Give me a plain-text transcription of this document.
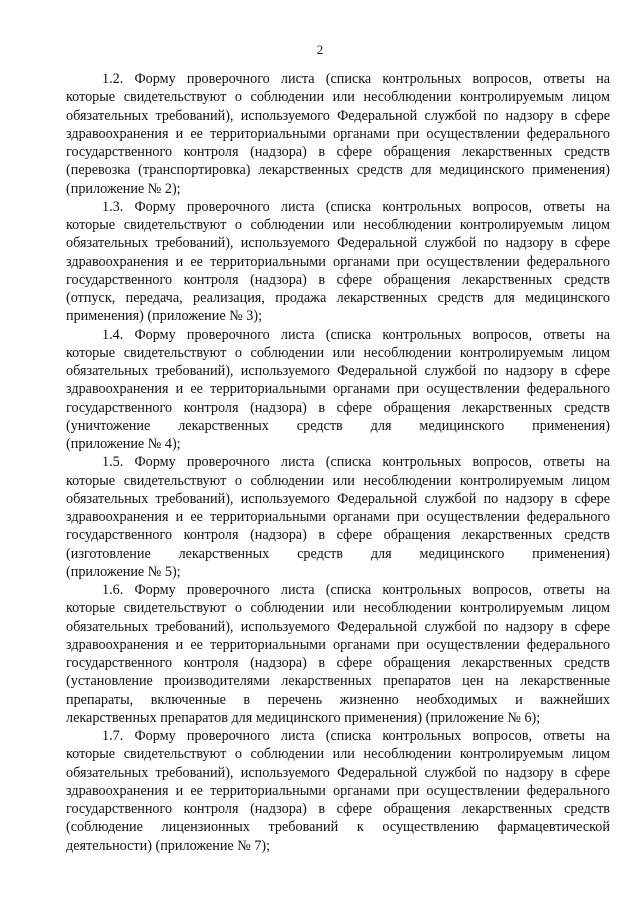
2
1.2. Форму проверочного листа (списка контрольных вопросов, ответы на
которые свидетельствуют о соблюдении или несоблюдении контролируемым лицом
обязательных требований), используемого Федеральной службой по надзору в сфере
здравоохранения и ее территориальными органами при осуществлении федерального
государственного контроля (надзора) в сфере обращения лекарственных средств
(перевозка (транспортировка) лекарственных средств для медицинского применения)
(приложение № 2);
1.3. Форму проверочного листа (списка контрольных вопросов, ответы на
которые свидетельствуют о соблюдении или несоблюдении контролируемым лицом
обязательных требований), используемого Федеральной службой по надзору в сфере
здравоохранения и ее территориальными органами при осуществлении федерального
государственного контроля (надзора) в сфере обращения лекарственных средств
(отпуск, передача, реализация, продажа лекарственных средств для медицинского
применения) (приложение № 3);
1.4. Форму проверочного листа (списка контрольных вопросов, ответы на
которые свидетельствуют о соблюдении или несоблюдении контролируемым лицом
обязательных требований), используемого Федеральной службой по надзору в сфере
здравоохранения и ее территориальными органами при осуществлении федерального
государственного контроля (надзора) в сфере обращения лекарственных средств
(уничтожение лекарственных средств для медицинского применения)
(приложение № 4);
1.5. Форму проверочного листа (списка контрольных вопросов, ответы на
которые свидетельствуют о соблюдении или несоблюдении контролируемым лицом
обязательных требований), используемого Федеральной службой по надзору в сфере
здравоохранения и ее территориальными органами при осуществлении федерального
государственного контроля (надзора) в сфере обращения лекарственных средств
(изготовление лекарственных средств для медицинского применения)
(приложение № 5);
1.6. Форму проверочного листа (списка контрольных вопросов, ответы на
которые свидетельствуют о соблюдении или несоблюдении контролируемым лицом
обязательных требований), используемого Федеральной службой по надзору в сфере
здравоохранения и ее территориальными органами при осуществлении федерального
государственного контроля (надзора) в сфере обращения лекарственных средств
(установление производителями лекарственных препаратов цен на лекарственные
препараты, включенные в перечень жизненно необходимых и важнейших
лекарственных препаратов для медицинского применения) (приложение № 6);
1.7. Форму проверочного листа (списка контрольных вопросов, ответы на
которые свидетельствуют о соблюдении или несоблюдении контролируемым лицом
обязательных требований), используемого Федеральной службой по надзору в сфере
здравоохранения и ее территориальными органами при осуществлении федерального
государственного контроля (надзора) в сфере обращения лекарственных средств
(соблюдение лицензионных требований к осуществлению фармацевтической
деятельности) (приложение № 7);
